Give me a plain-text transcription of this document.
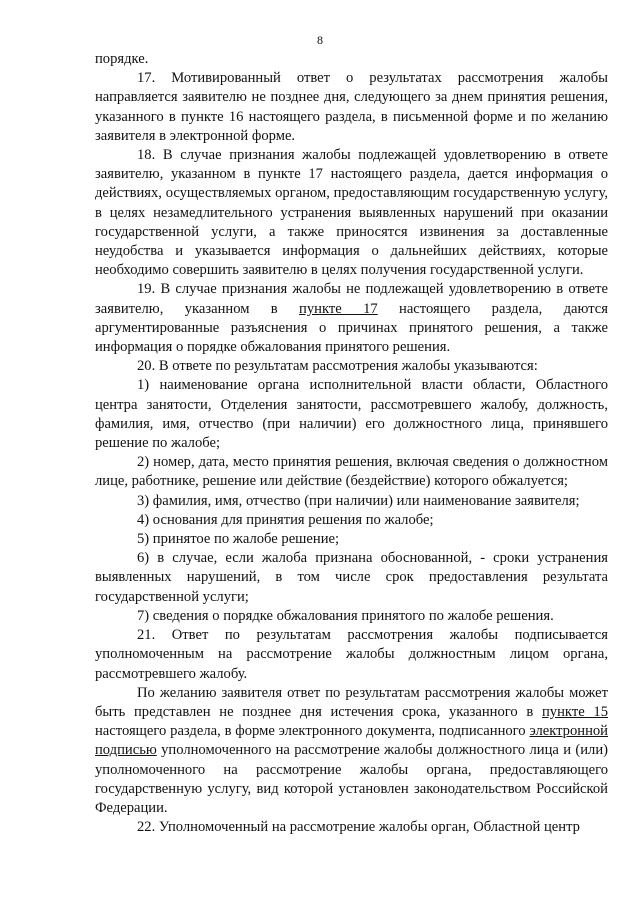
8

порядке.

17. Мотивированный ответ о результатах рассмотрения жалобы направляется заявителю не позднее дня, следующего за днем принятия решения, указанного в пункте 16 настоящего раздела, в письменной форме и по желанию заявителя в электронной форме.

18. В случае признания жалобы подлежащей удовлетворению в ответе заявителю, указанном в пункте 17 настоящего раздела, дается информация о действиях, осуществляемых органом, предоставляющим государственную услугу, в целях незамедлительного устранения выявленных нарушений при оказании государственной услуги, а также приносятся извинения за доставленные неудобства и указывается информация о дальнейших действиях, которые необходимо совершить заявителю в целях получения государственной услуги.

19. В случае признания жалобы не подлежащей удовлетворению в ответе заявителю, указанном в пункте 17 настоящего раздела, даются аргументированные разъяснения о причинах принятого решения, а также информация о порядке обжалования принятого решения.

20. В ответе по результатам рассмотрения жалобы указываются:

1) наименование органа исполнительной власти области, Областного центра занятости, Отделения занятости, рассмотревшего жалобу, должность, фамилия, имя, отчество (при наличии) его должностного лица, принявшего решение по жалобе;

2) номер, дата, место принятия решения, включая сведения о должностном лице, работнике, решение или действие (бездействие) которого обжалуется;

3) фамилия, имя, отчество (при наличии) или наименование заявителя;

4) основания для принятия решения по жалобе;

5) принятое по жалобе решение;

6) в случае, если жалоба признана обоснованной, - сроки устранения выявленных нарушений, в том числе срок предоставления результата государственной услуги;

7) сведения о порядке обжалования принятого по жалобе решения.

21. Ответ по результатам рассмотрения жалобы подписывается уполномоченным на рассмотрение жалобы должностным лицом органа, рассмотревшего жалобу.

По желанию заявителя ответ по результатам рассмотрения жалобы может быть представлен не позднее дня истечения срока, указанного в пункте 15 настоящего раздела, в форме электронного документа, подписанного электронной подписью уполномоченного на рассмотрение жалобы должностного лица и (или) уполномоченного на рассмотрение жалобы органа, предоставляющего государственную услугу, вид которой установлен законодательством Российской Федерации.

22. Уполномоченный на рассмотрение жалобы орган, Областной центр
